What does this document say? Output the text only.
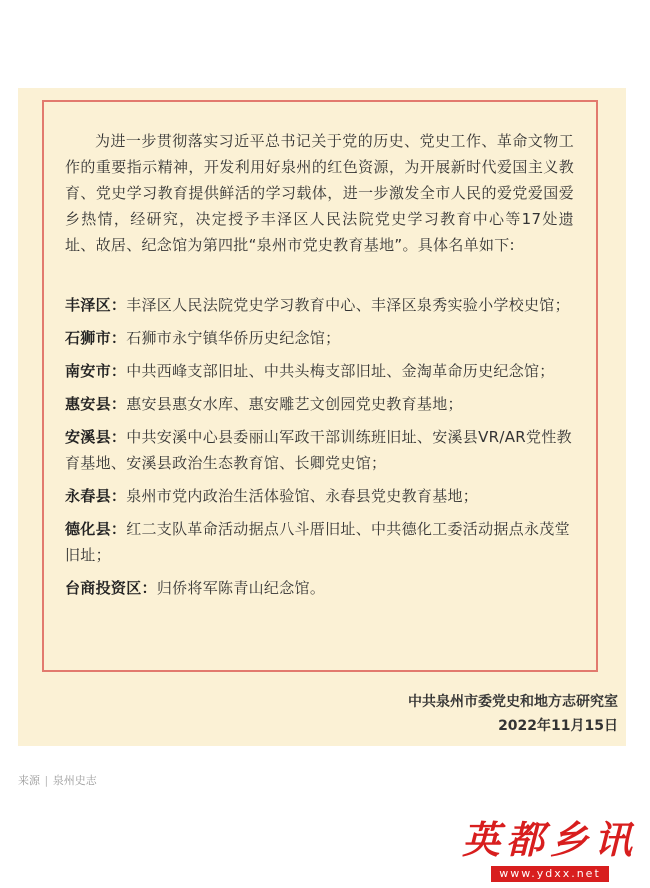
为进一步贯彻落实习近平总书记关于党的历史、党史工作、革命文物工作的重要指示精神，开发利用好泉州的红色资源，为开展新时代爱国主义教育、党史学习教育提供鲜活的学习载体，进一步激发全市人民的爱党爱国爱乡热情，经研究，决定授予丰泽区人民法院党史学习教育中心等17处遗址、故居、纪念馆为第四批“泉州市党史教育基地”。具体名单如下:

丰泽区：丰泽区人民法院党史学习教育中心、丰泽区泉秀实验小学校史馆；

石狮市：石狮市永宁镇华侨历史纪念馆；

南安市：中共西峰支部旧址、中共头梅支部旧址、金淘革命历史纪念馆；

惠安县：惠安县惠女水库、惠安雕艺文创园党史教育基地；

安溪县：中共安溪中心县委丽山军政干部训练班旧址、安溪县VR/AR党性教育基地、安溪县政治生态教育馆、长卿党史馆；

永春县：泉州市党内政治生活体验馆、永春县党史教育基地；

德化县：红二支队革命活动据点八斗厝旧址、中共德化工委活动据点永茂堂旧址；

台商投资区：归侨将军陈青山纪念馆。

中共泉州市委党史和地方志研究室
2022年11月15日
来源 | 泉州史志
英都乡讯
www.ydxx.net
